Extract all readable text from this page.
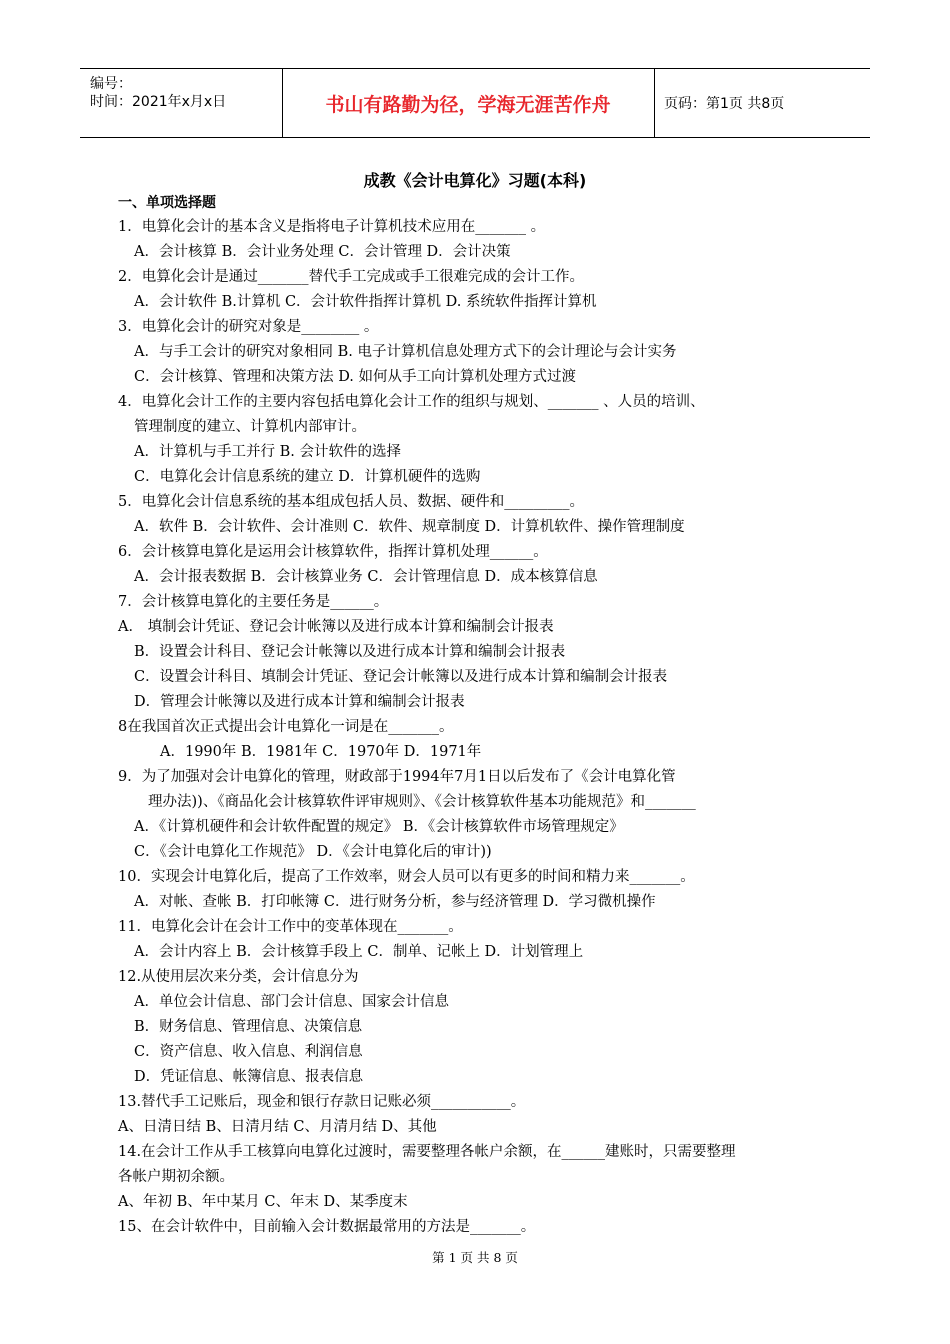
编号：
时间：2021年x月x日	书山有路勤为径，学海无涯苦作舟	页码：第1页 共8页
成教《会计电算化》习题(本科)
一、单项选择题
1．电算化会计的基本含义是指将电子计算机技术应用在_______ 。
A．会计核算 B．会计业务处理 C．会计管理 D．会计决策
2．电算化会计是通过_______替代手工完成或手工很难完成的会计工作。
A．会计软件 B.计算机 C．会计软件指挥计算机 D. 系统软件指挥计算机
3．电算化会计的研究对象是________ 。
A．与手工会计的研究对象相同 B. 电子计算机信息处理方式下的会计理论与会计实务
C．会计核算、管理和决策方法 D. 如何从手工向计算机处理方式过渡
4．电算化会计工作的主要内容包括电算化会计工作的组织与规划、_______ 、人员的培训、
管理制度的建立、计算机内部审计。
A．计算机与手工并行 B. 会计软件的选择
C．电算化会计信息系统的建立 D．计算机硬件的选购
5．电算化会计信息系统的基本组成包括人员、数据、硬件和_________。
A．软件 B．会计软件、会计准则 C．软件、规章制度 D．计算机软件、操作管理制度
6．会计核算电算化是运用会计核算软件，指挥计算机处理______。
A．会计报表数据 B．会计核算业务 C．会计管理信息 D．成本核算信息
7．会计核算电算化的主要任务是______。
A． 填制会计凭证、登记会计帐簿以及进行成本计算和编制会计报表
B．设置会计科目、登记会计帐簿以及进行成本计算和编制会计报表
C．设置会计科目、填制会计凭证、登记会计帐簿以及进行成本计算和编制会计报表
D．管理会计帐簿以及进行成本计算和编制会计报表
8在我国首次正式提出会计电算化一词是在_______。
A．1990年 B．1981年 C．1970年 D．1971年
9．为了加强对会计电算化的管理，财政部于1994年7月1日以后发布了《会计电算化管
理办法))、《商品化会计核算软件评审规则》、《会计核算软件基本功能规范》和_______
A．《计算机硬件和会计软件配置的规定》 B．《会计核算软件市场管理规定》
C．《会计电算化工作规范》 D．《会计电算化后的审计))
10．实现会计电算化后，提高了工作效率，财会人员可以有更多的时间和精力来_______。
A．对帐、查帐 B．打印帐簿 C．进行财务分析，参与经济管理 D．学习微机操作
11．电算化会计在会计工作中的变革体现在_______。
A．会计内容上 B．会计核算手段上 C．制单、记帐上 D．计划管理上
12.从使用层次来分类，会计信息分为
A．单位会计信息、部门会计信息、国家会计信息
B．财务信息、管理信息、决策信息
C．资产信息、收入信息、利润信息
D．凭证信息、帐簿信息、报表信息
13.替代手工记账后，现金和银行存款日记账必须___________。
A、日清日结 B、日清月结 C、月清月结 D、其他
14.在会计工作从手工核算向电算化过渡时，需要整理各帐户余额，在______建账时，只需要整理
各帐户期初余额。
A、年初 B、年中某月 C、年末 D、某季度末
15、在会计软件中，目前输入会计数据最常用的方法是_______。
第 1 页 共 8 页
